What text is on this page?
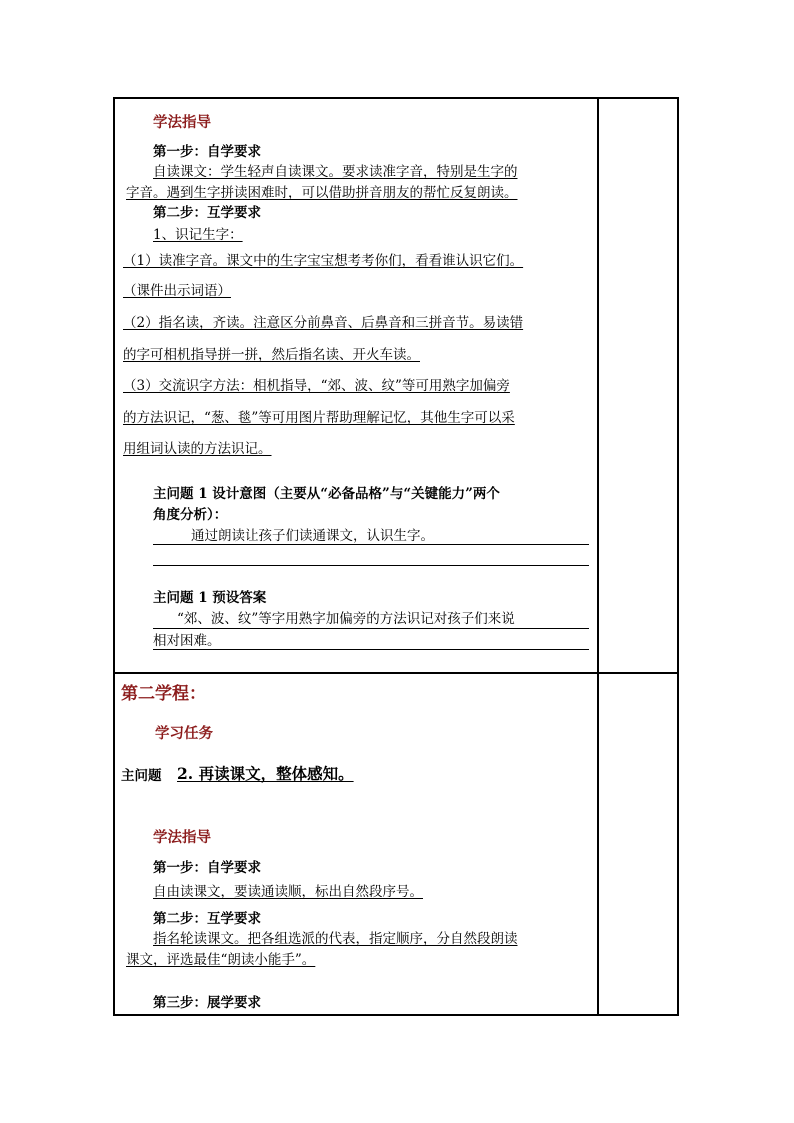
学法指导
第一步：自学要求
自读课文：学生轻声自读课文。要求读准字音，特别是生字的
字音。遇到生字拼读困难时，可以借助拼音朋友的帮忙反复朗读。
第二步：互学要求
1、识记生字：
（1）读准字音。课文中的生字宝宝想考考你们，看看谁认识它们。
（课件出示词语）
（2）指名读，齐读。注意区分前鼻音、后鼻音和三拼音节。易读错
的字可相机指导拼一拼，然后指名读、开火车读。
（3）交流识字方法：相机指导，“郊、波、纹”等可用熟字加偏旁
的方法识记，“葱、毯”等可用图片帮助理解记忆，其他生字可以采
用组词认读的方法识记。
主问题 1 设计意图（主要从“必备品格”与“关键能力”两个
角度分析）：
通过朗读让孩子们读通课文，认识生字。
主问题 1 预设答案
“郊、波、纹”等字用熟字加偏旁的方法识记对孩子们来说
相对困难。
第二学程：
学习任务
主问题 2. 再读课文，整体感知。
学法指导
第一步：自学要求
自由读课文，要读通读顺，标出自然段序号。
第二步：互学要求
指名轮读课文。把各组选派的代表，指定顺序，分自然段朗读
课文，评选最佳“朗读小能手”。
第三步：展学要求
